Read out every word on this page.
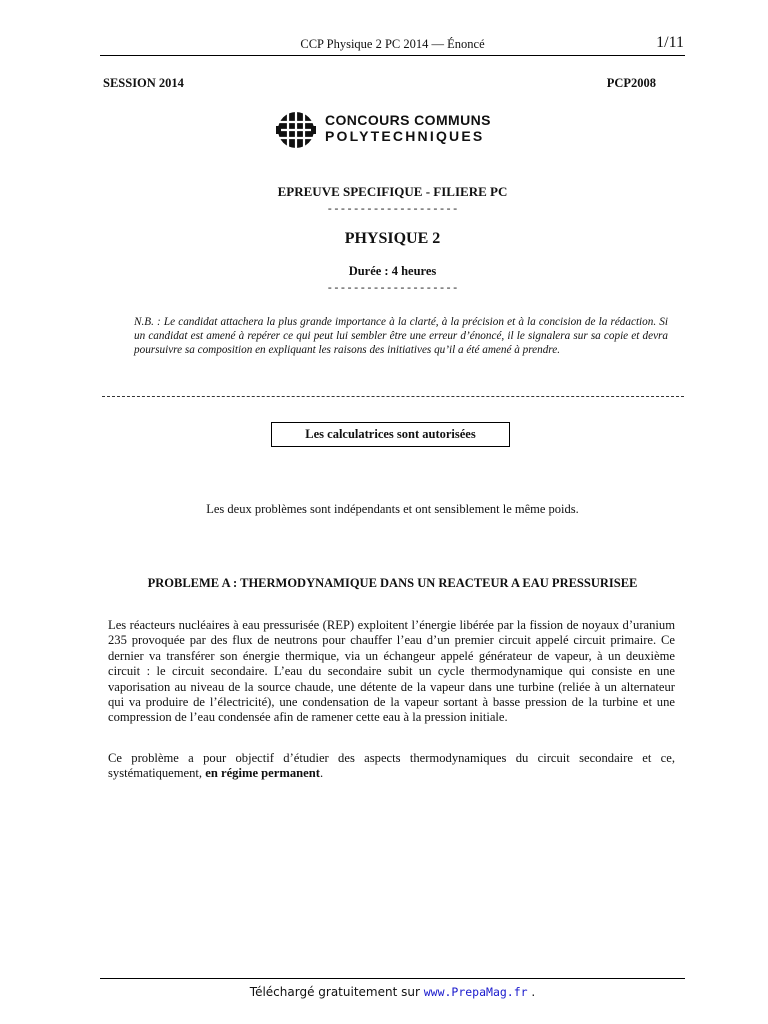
CCP Physique 2 PC 2014 — Énoncé	1/11
SESSION 2014	PCP2008
CONCOURS COMMUNS
POLYTECHNIQUES
EPREUVE SPECIFIQUE - FILIERE PC
--------------------
PHYSIQUE 2
Durée : 4 heures
--------------------
N.B. : Le candidat attachera la plus grande importance à la clarté, à la précision et à la concision de la rédaction. Si un candidat est amené à repérer ce qui peut lui sembler être une erreur d’énoncé, il le signalera sur sa copie et devra poursuivre sa composition en expliquant les raisons des initiatives qu’il a été amené à prendre.
Les calculatrices sont autorisées
Les deux problèmes sont indépendants et ont sensiblement le même poids.
PROBLEME A : THERMODYNAMIQUE DANS UN REACTEUR A EAU PRESSURISEE
Les réacteurs nucléaires à eau pressurisée (REP) exploitent l’énergie libérée par la fission de noyaux d’uranium 235 provoquée par des flux de neutrons pour chauffer l’eau d’un premier circuit appelé circuit primaire. Ce dernier va transférer son énergie thermique, via un échangeur appelé générateur de vapeur, à un deuxième circuit : le circuit secondaire. L’eau du secondaire subit un cycle thermodynamique qui consiste en une vaporisation au niveau de la source chaude, une détente de la vapeur dans une turbine (reliée à un alternateur qui va produire de l’électricité), une condensation de la vapeur sortant à basse pression de la turbine et une compression de l’eau condensée afin de ramener cette eau à la pression initiale.
Ce problème a pour objectif d’étudier des aspects thermodynamiques du circuit secondaire et ce, systématiquement, en régime permanent.
Téléchargé gratuitement sur www.PrepaMag.fr .
